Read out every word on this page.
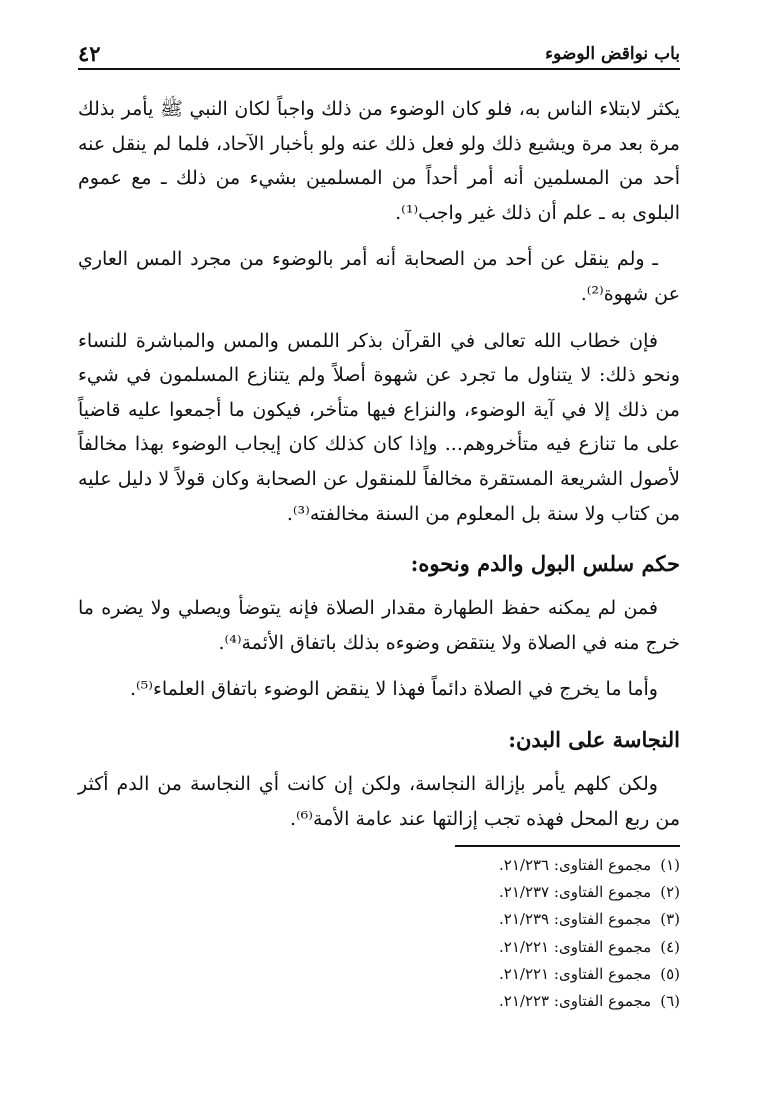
باب نواقض الوضوء
٤٢

يكثر لابتلاء الناس به، فلو كان الوضوء من ذلك واجباً لكان النبي ﷺ يأمر بذلك مرة بعد مرة ويشيع ذلك ولو فعل ذلك عنه ولو بأخبار الآحاد، فلما لم ينقل عنه أحد من المسلمين أنه أمر أحداً من المسلمين بشيء من ذلك ـ مع عموم البلوى به ـ علم أن ذلك غير واجب⁽¹⁾.

ـ ولم ينقل عن أحد من الصحابة أنه أمر بالوضوء من مجرد المس العاري عن شهوة⁽²⁾.

فإن خطاب الله تعالى في القرآن بذكر اللمس والمس والمباشرة للنساء ونحو ذلك: لا يتناول ما تجرد عن شهوة أصلاً ولم يتنازع المسلمون في شيء من ذلك إلا في آية الوضوء، والنزاع فيها متأخر، فيكون ما أجمعوا عليه قاضياً على ما تنازع فيه متأخروهم... وإذا كان كذلك كان إيجاب الوضوء بهذا مخالفاً لأصول الشريعة المستقرة مخالفاً للمنقول عن الصحابة وكان قولاً لا دليل عليه من كتاب ولا سنة بل المعلوم من السنة مخالفته⁽³⁾.

حكم سلس البول والدم ونحوه:

فمن لم يمكنه حفظ الطهارة مقدار الصلاة فإنه يتوضأ ويصلي ولا يضره ما خرج منه في الصلاة ولا ينتقض وضوءه بذلك باتفاق الأئمة⁽⁴⁾.

وأما ما يخرج في الصلاة دائماً فهذا لا ينقض الوضوء باتفاق العلماء⁽⁵⁾.

النجاسة على البدن:

ولكن كلهم يأمر بإزالة النجاسة، ولكن إن كانت أي النجاسة من الدم أكثر من ربع المحل فهذه تجب إزالتها عند عامة الأمة⁽⁶⁾.

(١) مجموع الفتاوى: ٢١/٢٣٦.

(٢) مجموع الفتاوى: ٢١/٢٣٧.

(٣) مجموع الفتاوى: ٢١/٢٣٩.

(٤) مجموع الفتاوى: ٢١/٢٢١.

(٥) مجموع الفتاوى: ٢١/٢٢١.

(٦) مجموع الفتاوى: ٢١/٢٢٣.
